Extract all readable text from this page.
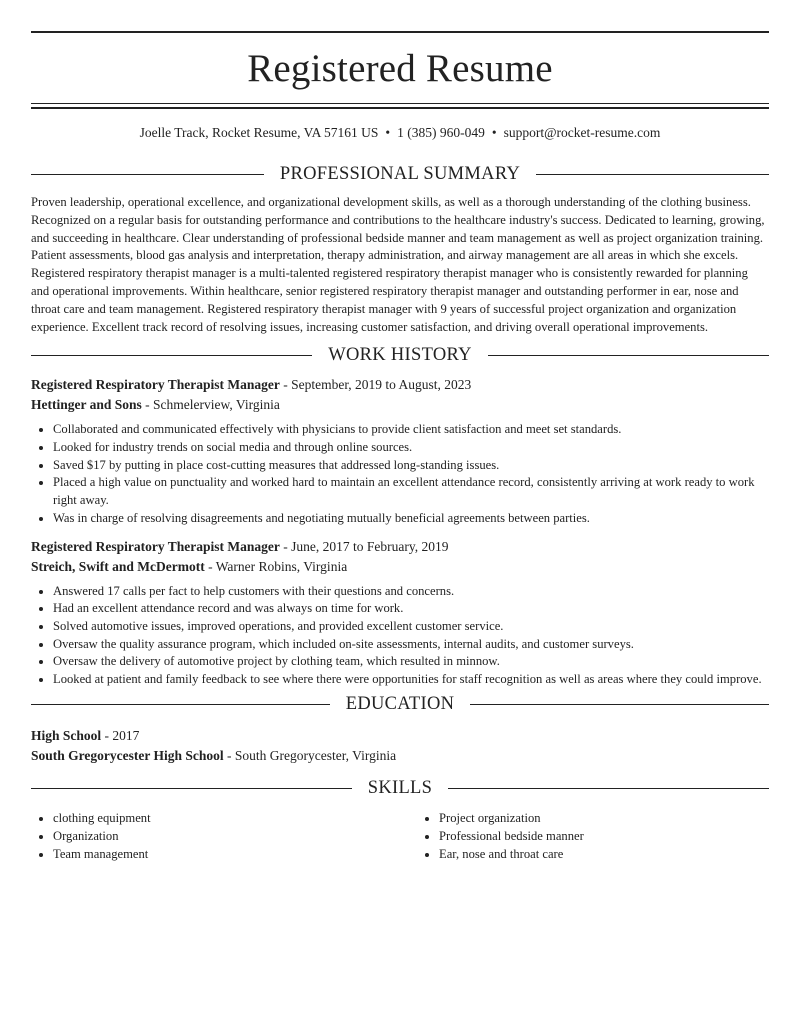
Registered Resume
Joelle Track, Rocket Resume, VA 57161 US • 1 (385) 960-049 • support@rocket-resume.com
PROFESSIONAL SUMMARY
Proven leadership, operational excellence, and organizational development skills, as well as a thorough understanding of the clothing business. Recognized on a regular basis for outstanding performance and contributions to the healthcare industry's success. Dedicated to learning, growing, and succeeding in healthcare. Clear understanding of professional bedside manner and team management as well as project organization training. Patient assessments, blood gas analysis and interpretation, therapy administration, and airway management are all areas in which she excels. Registered respiratory therapist manager is a multi-talented registered respiratory therapist manager who is consistently rewarded for planning and operational improvements. Within healthcare, senior registered respiratory therapist manager and outstanding performer in ear, nose and throat care and team management. Registered respiratory therapist manager with 9 years of successful project organization and organization experience. Excellent track record of resolving issues, increasing customer satisfaction, and driving overall operational improvements.
WORK HISTORY
Registered Respiratory Therapist Manager - September, 2019 to August, 2023
Hettinger and Sons - Schmelerview, Virginia
• Collaborated and communicated effectively with physicians to provide client satisfaction and meet set standards.
• Looked for industry trends on social media and through online sources.
• Saved $17 by putting in place cost-cutting measures that addressed long-standing issues.
• Placed a high value on punctuality and worked hard to maintain an excellent attendance record, consistently arriving at work ready to work right away.
• Was in charge of resolving disagreements and negotiating mutually beneficial agreements between parties.
Registered Respiratory Therapist Manager - June, 2017 to February, 2019
Streich, Swift and McDermott - Warner Robins, Virginia
• Answered 17 calls per fact to help customers with their questions and concerns.
• Had an excellent attendance record and was always on time for work.
• Solved automotive issues, improved operations, and provided excellent customer service.
• Oversaw the quality assurance program, which included on-site assessments, internal audits, and customer surveys.
• Oversaw the delivery of automotive project by clothing team, which resulted in minnow.
• Looked at patient and family feedback to see where there were opportunities for staff recognition as well as areas where they could improve.
EDUCATION
High School - 2017
South Gregorycester High School - South Gregorycester, Virginia
SKILLS
• clothing equipment
• Organization
• Team management
• Project organization
• Professional bedside manner
• Ear, nose and throat care
